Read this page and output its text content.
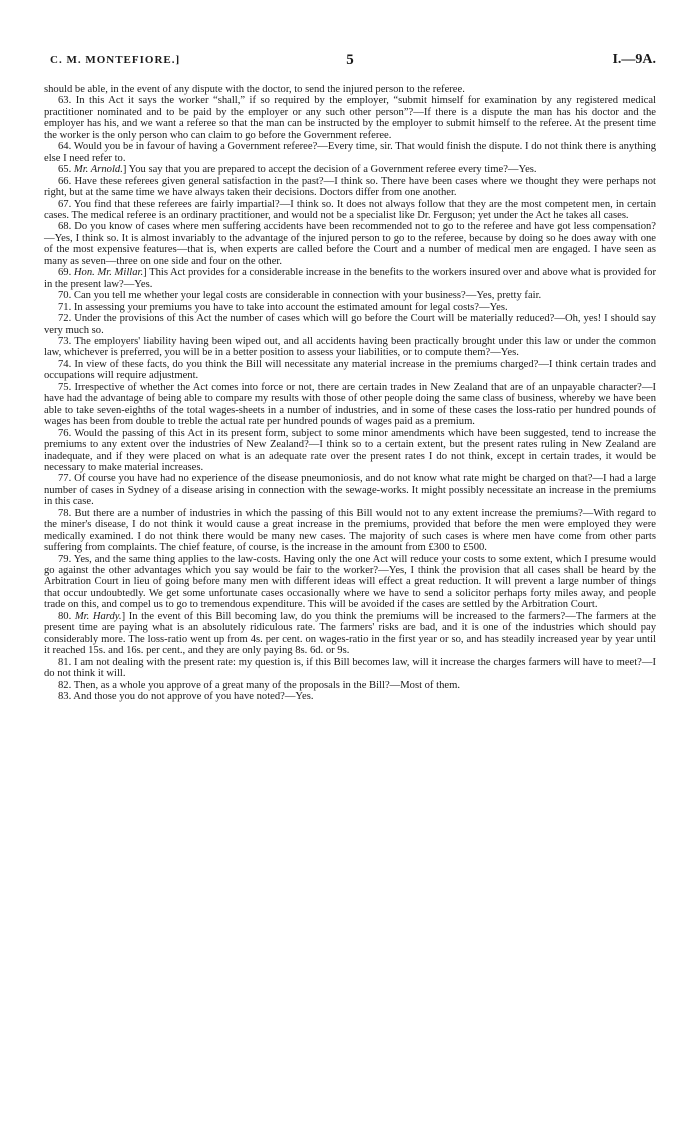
C. M. MONTEFIORE.]	5	I.—9A.

should be able, in the event of any dispute with the doctor, to send the injured person to the referee.

63. In this Act it says the worker “shall,” if so required by the employer, “submit himself for examination by any registered medical practitioner nominated and to be paid by the employer or any such other person”?—If there is a dispute the man has his doctor and the employer has his, and we want a referee so that the man can be instructed by the employer to submit himself to the referee. At the present time the worker is the only person who can claim to go before the Government referee.

64. Would you be in favour of having a Government referee?—Every time, sir. That would finish the dispute. I do not think there is anything else I need refer to.

65. Mr. Arnold.] You say that you are prepared to accept the decision of a Government referee every time?—Yes.

66. Have these referees given general satisfaction in the past?—I think so. There have been cases where we thought they were perhaps not right, but at the same time we have always taken their decisions. Doctors differ from one another.

67. You find that these referees are fairly impartial?—I think so. It does not always follow that they are the most competent men, in certain cases. The medical referee is an ordinary practitioner, and would not be a specialist like Dr. Ferguson; yet under the Act he takes all cases.

68. Do you know of cases where men suffering accidents have been recommended not to go to the referee and have got less compensation?—Yes, I think so. It is almost invariably to the advantage of the injured person to go to the referee, because by doing so he does away with one of the most expensive features—that is, when experts are called before the Court and a number of medical men are engaged. I have seen as many as seven—three on one side and four on the other.

69. Hon. Mr. Millar.] This Act provides for a considerable increase in the benefits to the workers insured over and above what is provided for in the present law?—Yes.

70. Can you tell me whether your legal costs are considerable in connection with your business?—Yes, pretty fair.

71. In assessing your premiums you have to take into account the estimated amount for legal costs?—Yes.

72. Under the provisions of this Act the number of cases which will go before the Court will be materially reduced?—Oh, yes! I should say very much so.

73. The employers' liability having been wiped out, and all accidents having been practically brought under this law or under the common law, whichever is preferred, you will be in a better position to assess your liabilities, or to compute them?—Yes.

74. In view of these facts, do you think the Bill will necessitate any material increase in the premiums charged?—I think certain trades and occupations will require adjustment.

75. Irrespective of whether the Act comes into force or not, there are certain trades in New Zealand that are of an unpayable character?—I have had the advantage of being able to compare my results with those of other people doing the same class of business, whereby we have been able to take seven-eighths of the total wages-sheets in a number of industries, and in some of these cases the loss-ratio per hundred pounds of wages has been from double to treble the actual rate per hundred pounds of wages paid as a premium.

76. Would the passing of this Act in its present form, subject to some minor amendments which have been suggested, tend to increase the premiums to any extent over the industries of New Zealand?—I think so to a certain extent, but the present rates ruling in New Zealand are inadequate, and if they were placed on what is an adequate rate over the present rates I do not think, except in certain trades, it would be necessary to make material increases.

77. Of course you have had no experience of the disease pneumoniosis, and do not know what rate might be charged on that?—I had a large number of cases in Sydney of a disease arising in connection with the sewage-works. It might possibly necessitate an increase in the premiums in this case.

78. But there are a number of industries in which the passing of this Bill would not to any extent increase the premiums?—With regard to the miner's disease, I do not think it would cause a great increase in the premiums, provided that before the men were employed they were medically examined. I do not think there would be many new cases. The majority of such cases is where men have come from other parts suffering from complaints. The chief feature, of course, is the increase in the amount from £300 to £500.

79. Yes, and the same thing applies to the law-costs. Having only the one Act will reduce your costs to some extent, which I presume would go against the other advantages which you say would be fair to the worker?—Yes, I think the provision that all cases shall be heard by the Arbitration Court in lieu of going before many men with different ideas will effect a great reduction. It will prevent a large number of things that occur undoubtedly. We get some unfortunate cases occasionally where we have to send a solicitor perhaps forty miles away, and people trade on this, and compel us to go to tremendous expenditure. This will be avoided if the cases are settled by the Arbitration Court.

80. Mr. Hardy.] In the event of this Bill becoming law, do you think the premiums will be increased to the farmers?—The farmers at the present time are paying what is an absolutely ridiculous rate. The farmers' risks are bad, and it is one of the industries which should pay considerably more. The loss-ratio went up from 4s. per cent. on wages-ratio in the first year or so, and has steadily increased year by year until it reached 15s. and 16s. per cent., and they are only paying 8s. 6d. or 9s.

81. I am not dealing with the present rate: my question is, if this Bill becomes law, will it increase the charges farmers will have to meet?—I do not think it will.

82. Then, as a whole you approve of a great many of the proposals in the Bill?—Most of them.

83. And those you do not approve of you have noted?—Yes.
